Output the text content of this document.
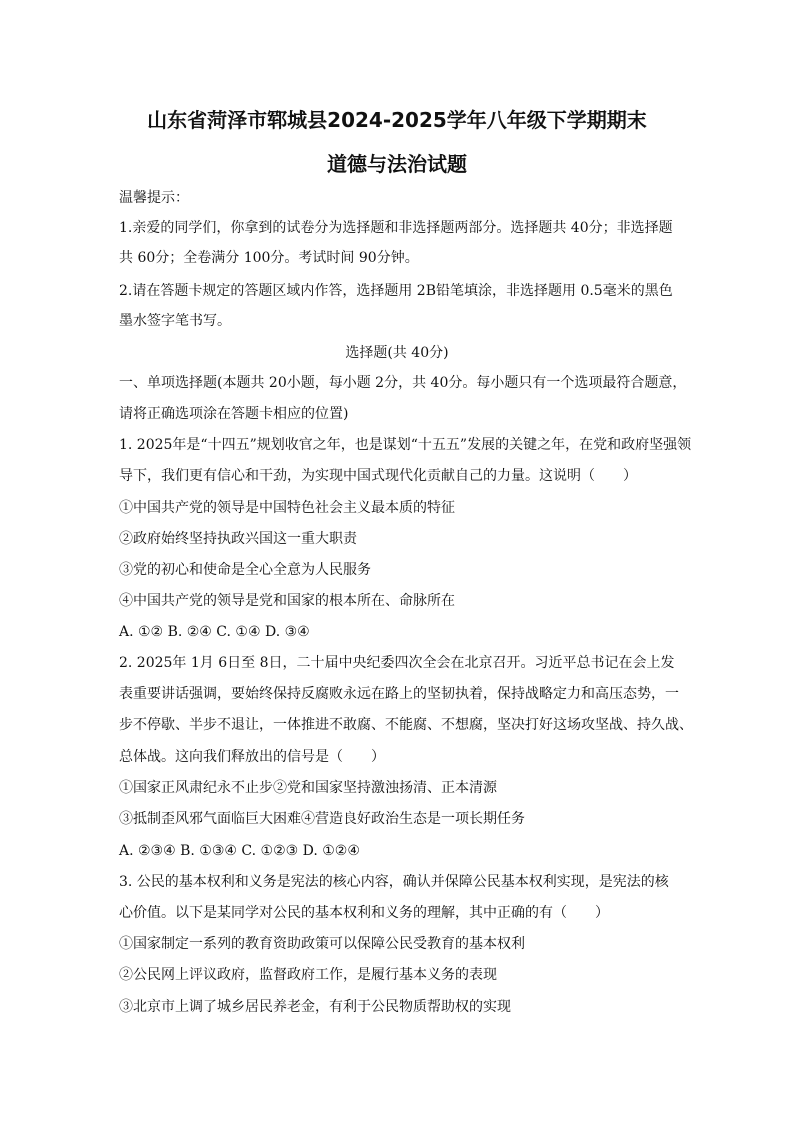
山东省菏泽市郓城县2024-2025学年八年级下学期期末
道德与法治试题
温馨提示：
1.亲爱的同学们，你拿到的试卷分为选择题和非选择题两部分。选择题共 40分；非选择题
共 60分；全卷满分 100分。考试时间 90分钟。
2.请在答题卡规定的答题区域内作答，选择题用 2B铅笔填涂，非选择题用 0.5毫米的黑色
墨水签字笔书写。
选择题(共 40分)
一、单项选择题(本题共 20小题，每小题 2分，共 40分。每小题只有一个选项最符合题意，
请将正确选项涂在答题卡相应的位置)
1. 2025年是“十四五”规划收官之年，也是谋划“十五五”发展的关键之年，在党和政府坚强领
导下，我们更有信心和干劲，为实现中国式现代化贡献自己的力量。这说明（　　）
①中国共产党的领导是中国特色社会主义最本质的特征
②政府始终坚持执政兴国这一重大职责
③党的初心和使命是全心全意为人民服务
④中国共产党的领导是党和国家的根本所在、命脉所在
A. ①② B. ②④ C. ①④ D. ③④
2. 2025年 1月 6日至 8日，二十届中央纪委四次全会在北京召开。习近平总书记在会上发
表重要讲话强调，要始终保持反腐败永远在路上的坚韧执着，保持战略定力和高压态势，一
步不停歇、半步不退让，一体推进不敢腐、不能腐、不想腐，坚决打好这场攻坚战、持久战、
总体战。这向我们释放出的信号是（　　）
①国家正风肃纪永不止步②党和国家坚持激浊扬清、正本清源
③抵制歪风邪气面临巨大困难④营造良好政治生态是一项长期任务
A. ②③④ B. ①③④ C. ①②③ D. ①②④
3. 公民的基本权利和义务是宪法的核心内容，确认并保障公民基本权利实现，是宪法的核
心价值。以下是某同学对公民的基本权利和义务的理解，其中正确的有（　　）
①国家制定一系列的教育资助政策可以保障公民受教育的基本权利
②公民网上评议政府，监督政府工作，是履行基本义务的表现
③北京市上调了城乡居民养老金，有利于公民物质帮助权的实现
